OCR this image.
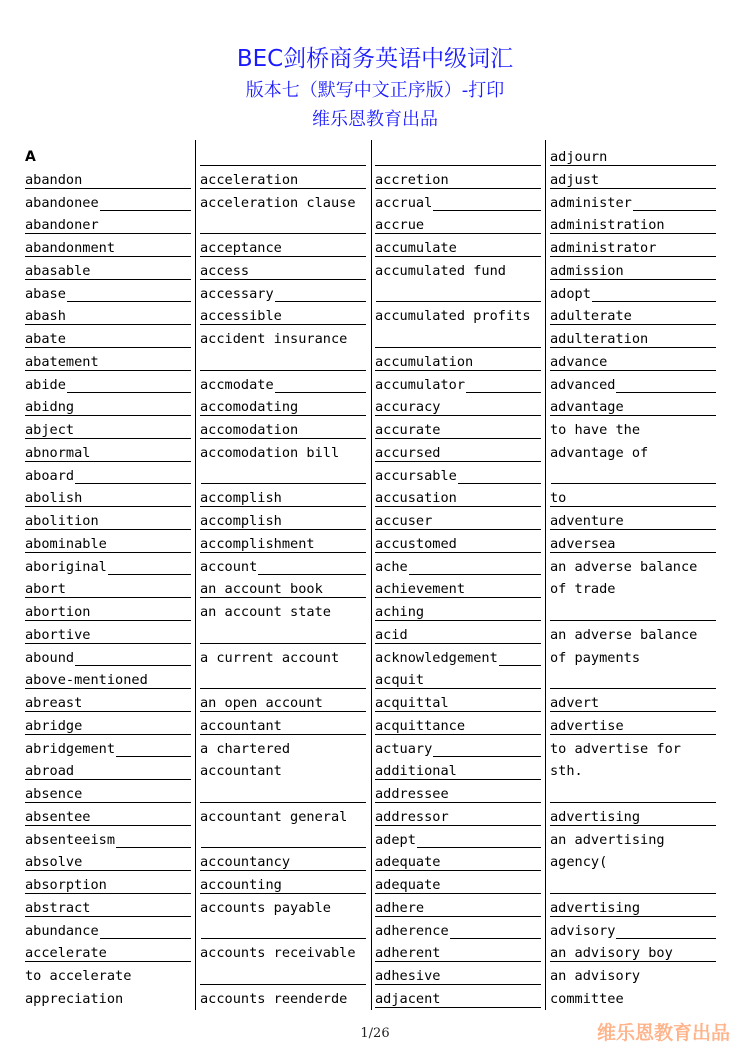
BEC剑桥商务英语中级词汇
版本七（默写中文正序版）-打印
维乐恩教育出品
A
abandon
abandonee
abandoner
abandonment
abasable
abase
abash
abate
abatement
abide
abidng
abject
abnormal
aboard
abolish
abolition
abominable
aboriginal
abort
abortion
abortive
abound
above-mentioned
abreast
abridge
abridgement
abroad
absence
absentee
absenteeism
absolve
absorption
abstract
abundance
accelerate
to accelerate
appreciation
acceleration
acceleration clause
acceptance
access
accessary
accessible
accident insurance
accmodate
accomodating
accomodation
accomodation bill
accomplish
accomplish
accomplishment
account
an account book
an account state
a current account
an open account
accountant
a chartered
accountant
accountant general
accountancy
accounting
accounts payable
accounts receivable
accounts reenderde
accretion
accrual
accrue
accumulate
accumulated fund
accumulated profits
accumulation
accumulator
accuracy
accurate
accursed
accursable
accusation
accuser
accustomed
ache
achievement
aching
acid
acknowledgement
acquit
acquittal
acquittance
actuary
additional
addressee
addressor
adept
adequate
adequate
adhere
adherence
adherent
adhesive
adjacent
adjourn
adjust
administer
administration
administrator
admission
adopt
adulterate
adulteration
advance
advanced
advantage
to have the
advantage of
to
adventure
adversea
an adverse balance
of trade
an adverse balance
of payments
advert
advertise
to advertise for
sth.
advertising
an advertising
agency(
advertising
advisory
an advisory boy
an advisory
committee
1/26	维乐恩教育出品
